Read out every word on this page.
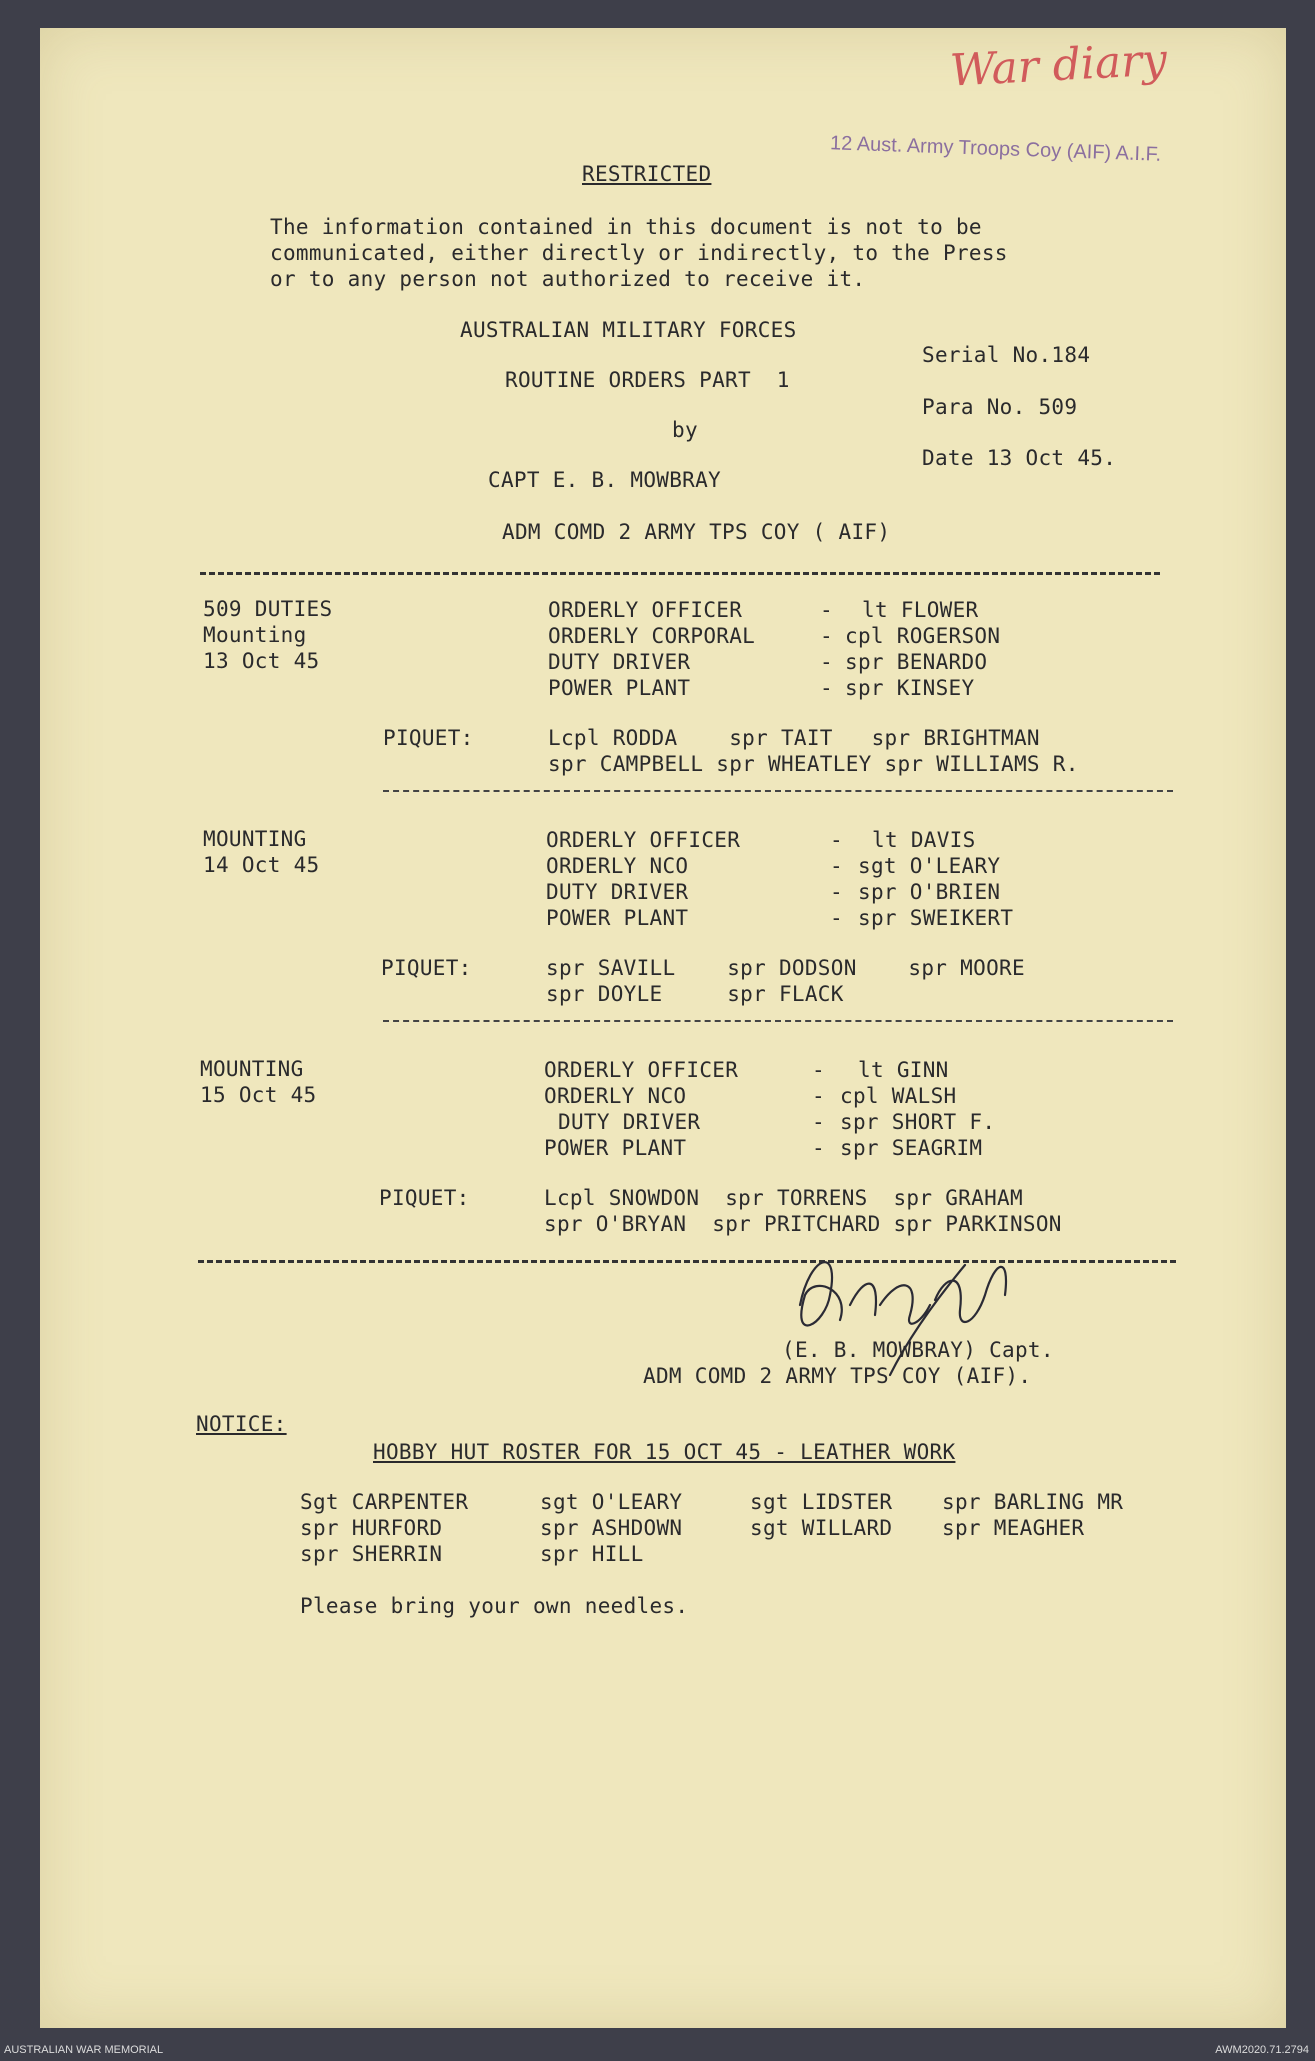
War diary
12 Aust. Army Troops Coy (AIF) A.I.F.
RESTRICTED
The information contained in this document is not to be
communicated, either directly or indirectly, to the Press
or to any person not authorized to receive it.
AUSTRALIAN MILITARY FORCES
ROUTINE ORDERS PART  1
by
CAPT E. B. MOWBRAY
ADM COMD 2 ARMY TPS COY ( AIF)
Serial No.184
Para No. 509
Date 13 Oct 45.
509 DUTIES
Mounting
13 Oct 45
ORDERLY OFFICER	- lt FLOWER
ORDERLY CORPORAL	- cpl ROGERSON
DUTY DRIVER	- spr BENARDO
POWER PLANT	- spr KINSEY
PIQUET:	Lcpl RODDA    spr TAIT   spr BRIGHTMAN
spr CAMPBELL spr WHEATLEY spr WILLIAMS R.
MOUNTING
14 Oct 45
ORDERLY OFFICER	- lt DAVIS
ORDERLY NCO	- sgt O'LEARY
DUTY DRIVER	- spr O'BRIEN
POWER PLANT	- spr SWEIKERT
PIQUET:	spr SAVILL    spr DODSON    spr MOORE
spr DOYLE     spr FLACK
MOUNTING
15 Oct 45
ORDERLY OFFICER	- lt GINN
ORDERLY NCO	- cpl WALSH
DUTY DRIVER	- spr SHORT F.
POWER PLANT	- spr SEAGRIM
PIQUET:	Lcpl SNOWDON  spr TORRENS  spr GRAHAM
spr O'BRYAN  spr PRITCHARD spr PARKINSON
(E. B. MOWBRAY) Capt.
ADM COMD 2 ARMY TPS COY (AIF).
NOTICE:
HOBBY HUT ROSTER FOR 15 OCT 45 - LEATHER WORK
Sgt CARPENTER	sgt O'LEARY	sgt LIDSTER spr BARLING MR
spr HURFORD	spr ASHDOWN	sgt WILLARD spr MEAGHER
spr SHERRIN	spr HILL
Please bring your own needles.
AUSTRALIAN WAR MEMORIAL	AWM2020.71.2794
